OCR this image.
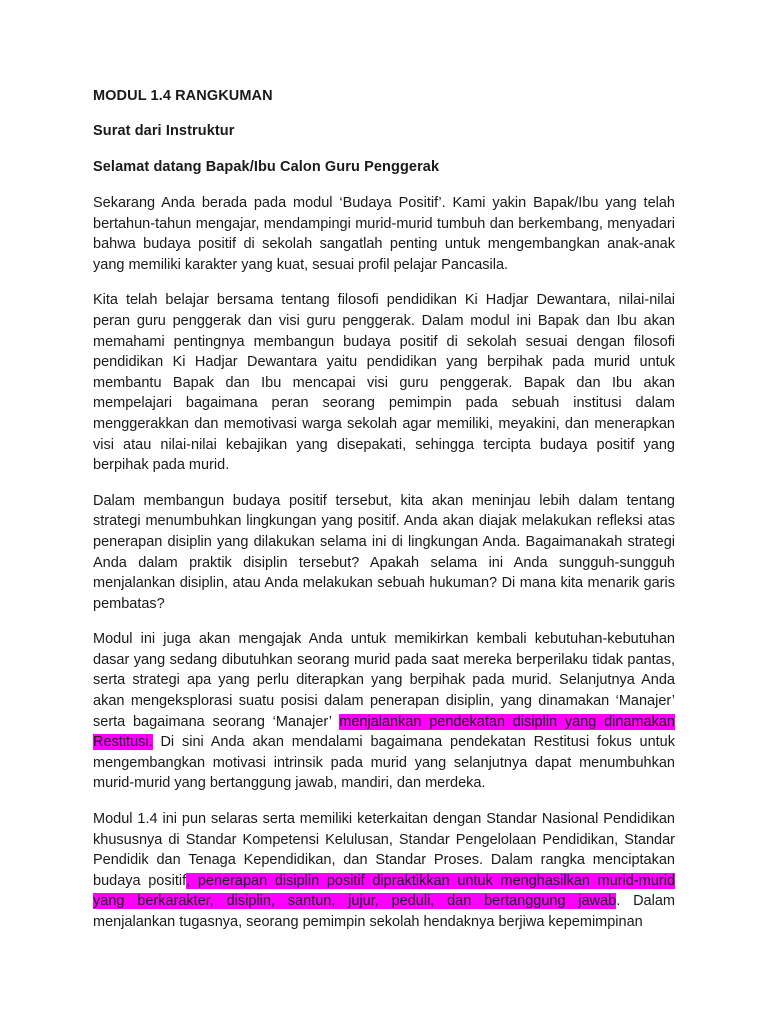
MODUL 1.4 RANGKUMAN
Surat dari Instruktur
Selamat datang Bapak/Ibu Calon Guru Penggerak

Sekarang Anda berada pada modul ‘Budaya Positif’. Kami yakin Bapak/Ibu yang telah bertahun-tahun mengajar, mendampingi murid-murid tumbuh dan berkembang, menyadari bahwa budaya positif di sekolah sangatlah penting untuk mengembangkan anak-anak yang memiliki karakter yang kuat, sesuai profil pelajar Pancasila.

Kita telah belajar bersama tentang filosofi pendidikan Ki Hadjar Dewantara, nilai-nilai peran guru penggerak dan visi guru penggerak. Dalam modul ini Bapak dan Ibu akan memahami pentingnya membangun budaya positif di sekolah sesuai dengan filosofi pendidikan Ki Hadjar Dewantara yaitu pendidikan yang berpihak pada murid untuk membantu Bapak dan Ibu mencapai visi guru penggerak. Bapak dan Ibu akan mempelajari bagaimana peran seorang pemimpin pada sebuah institusi dalam menggerakkan dan memotivasi warga sekolah agar memiliki, meyakini, dan menerapkan visi atau nilai-nilai kebajikan yang disepakati, sehingga tercipta budaya positif yang berpihak pada murid.

Dalam membangun budaya positif tersebut, kita akan meninjau lebih dalam tentang strategi menumbuhkan lingkungan yang positif. Anda akan diajak melakukan refleksi atas penerapan disiplin yang dilakukan selama ini di lingkungan Anda. Bagaimanakah strategi Anda dalam praktik disiplin tersebut? Apakah selama ini Anda sungguh-sungguh menjalankan disiplin, atau Anda melakukan sebuah hukuman? Di mana kita menarik garis pembatas?

Modul ini juga akan mengajak Anda untuk memikirkan kembali kebutuhan-kebutuhan dasar yang sedang dibutuhkan seorang murid pada saat mereka berperilaku tidak pantas, serta strategi apa yang perlu diterapkan yang berpihak pada murid. Selanjutnya Anda akan mengeksplorasi suatu posisi dalam penerapan disiplin, yang dinamakan ‘Manajer’ serta bagaimana seorang ‘Manajer’ menjalankan pendekatan disiplin yang dinamakan Restitusi. Di sini Anda akan mendalami bagaimana pendekatan Restitusi fokus untuk mengembangkan motivasi intrinsik pada murid yang selanjutnya dapat menumbuhkan murid-murid yang bertanggung jawab, mandiri, dan merdeka.

Modul 1.4 ini pun selaras serta memiliki keterkaitan dengan Standar Nasional Pendidikan khususnya di Standar Kompetensi Kelulusan, Standar Pengelolaan Pendidikan, Standar Pendidik dan Tenaga Kependidikan, dan Standar Proses. Dalam rangka menciptakan budaya positif, penerapan disiplin positif dipraktikkan untuk menghasilkan murid-murid yang berkarakter, disiplin, santun, jujur, peduli, dan bertanggung jawab. Dalam menjalankan tugasnya, seorang pemimpin sekolah hendaknya berjiwa kepemimpinan
